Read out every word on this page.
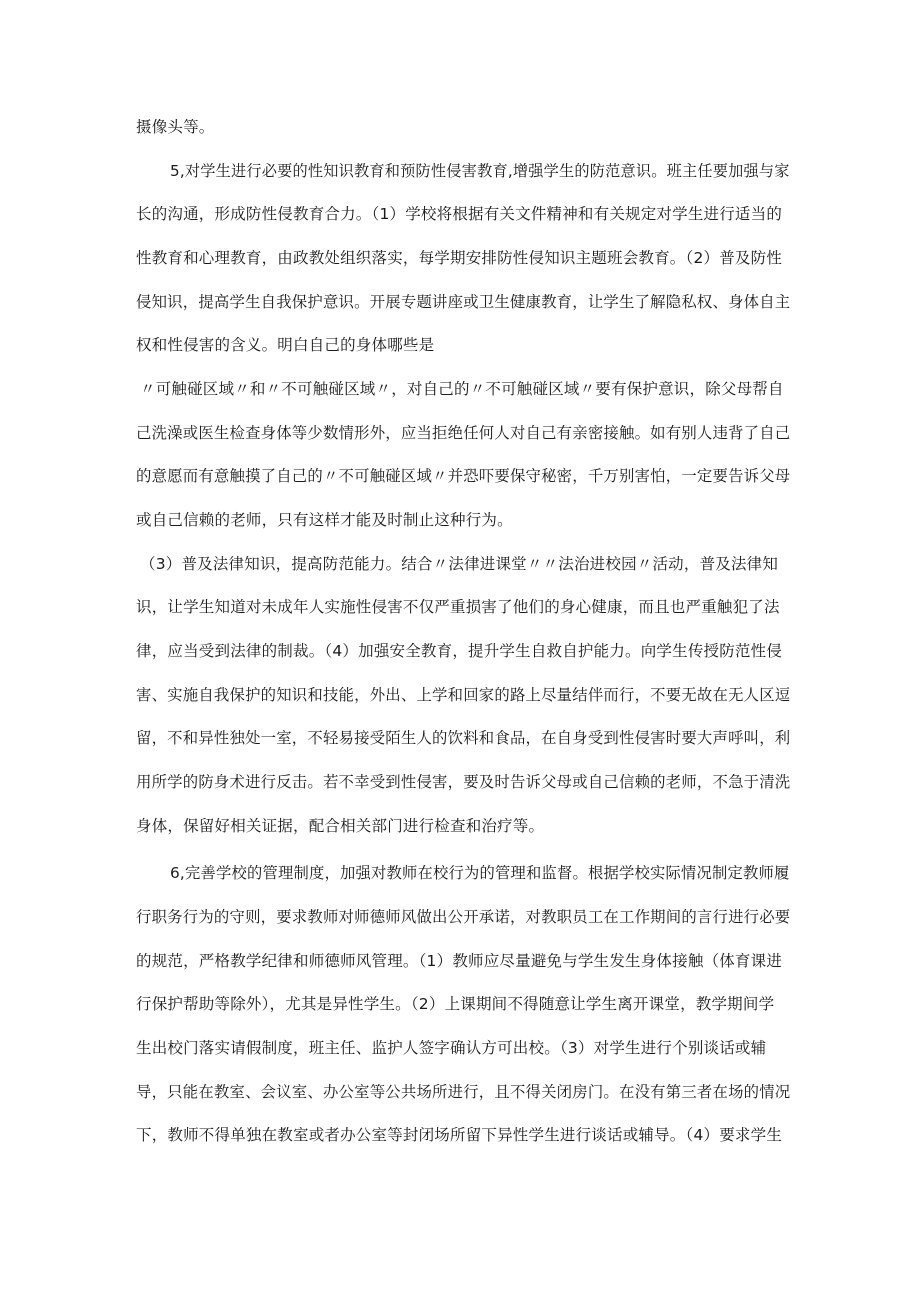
摄像头等。
5,对学生进行必要的性知识教育和预防性侵害教育,增强学生的防范意识。班主任要加强与家
长的沟通，形成防性侵教育合力。（1）学校将根据有关文件精神和有关规定对学生进行适当的
性教育和心理教育，由政教处组织落实，每学期安排防性侵知识主题班会教育。（2）普及防性
侵知识，提高学生自我保护意识。开展专题讲座或卫生健康教育，让学生了解隐私权、身体自主
权和性侵害的含义。明白自己的身体哪些是
〃可触碰区域〃和〃不可触碰区域〃，对自己的〃不可触碰区域〃要有保护意识，除父母帮自
己洗澡或医生检查身体等少数情形外，应当拒绝任何人对自己有亲密接触。如有别人违背了自己
的意愿而有意触摸了自己的〃不可触碰区域〃并恐吓要保守秘密，千万别害怕，一定要告诉父母
或自己信赖的老师，只有这样才能及时制止这种行为。
（3）普及法律知识，提高防范能力。结合〃法律进课堂〃〃法治进校园〃活动，普及法律知
识，让学生知道对未成年人实施性侵害不仅严重损害了他们的身心健康，而且也严重触犯了法
律，应当受到法律的制裁。（4）加强安全教育，提升学生自救自护能力。向学生传授防范性侵
害、实施自我保护的知识和技能，外出、上学和回家的路上尽量结伴而行，不要无故在无人区逗
留，不和异性独处一室，不轻易接受陌生人的饮料和食品，在自身受到性侵害时要大声呼叫，利
用所学的防身术进行反击。若不幸受到性侵害，要及时告诉父母或自己信赖的老师，不急于清洗
身体，保留好相关证据，配合相关部门进行检查和治疗等。
6,完善学校的管理制度，加强对教师在校行为的管理和监督。根据学校实际情况制定教师履
行职务行为的守则，要求教师对师德师风做出公开承诺，对教职员工在工作期间的言行进行必要
的规范，严格教学纪律和师德师风管理。（1）教师应尽量避免与学生发生身体接触（体育课进
行保护帮助等除外），尤其是异性学生。（2）上课期间不得随意让学生离开课堂，教学期间学
生出校门落实请假制度，班主任、监护人签字确认方可出校。（3）对学生进行个别谈话或辅
导，只能在教室、会议室、办公室等公共场所进行，且不得关闭房门。在没有第三者在场的情况
下，教师不得单独在教室或者办公室等封闭场所留下异性学生进行谈话或辅导。（4）要求学生
